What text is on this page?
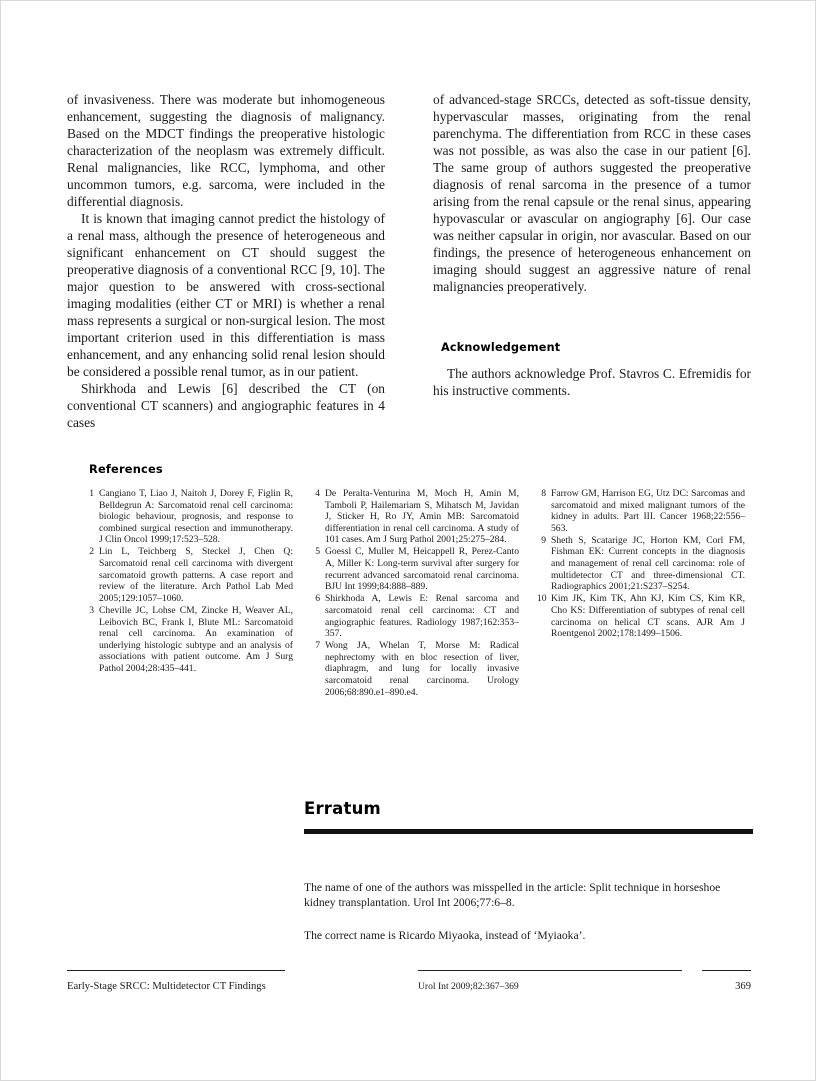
of invasiveness. There was moderate but inhomogeneous enhancement, suggesting the diagnosis of malignancy. Based on the MDCT findings the preoperative histologic characterization of the neoplasm was extremely difficult. Renal malignancies, like RCC, lymphoma, and other uncommon tumors, e.g. sarcoma, were included in the differential diagnosis.

It is known that imaging cannot predict the histology of a renal mass, although the presence of heterogeneous and significant enhancement on CT should suggest the preoperative diagnosis of a conventional RCC [9, 10]. The major question to be answered with cross-sectional imaging modalities (either CT or MRI) is whether a renal mass represents a surgical or non-surgical lesion. The most important criterion used in this differentiation is mass enhancement, and any enhancing solid renal lesion should be considered a possible renal tumor, as in our patient.

Shirkhoda and Lewis [6] described the CT (on conventional CT scanners) and angiographic features in 4 cases

of advanced-stage SRCCs, detected as soft-tissue density, hypervascular masses, originating from the renal parenchyma. The differentiation from RCC in these cases was not possible, as was also the case in our patient [6]. The same group of authors suggested the preoperative diagnosis of renal sarcoma in the presence of a tumor arising from the renal capsule or the renal sinus, appearing hypovascular or avascular on angiography [6]. Our case was neither capsular in origin, nor avascular. Based on our findings, the presence of heterogeneous enhancement on imaging should suggest an aggressive nature of renal malignancies preoperatively.

Acknowledgement

The authors acknowledge Prof. Stavros C. Efremidis for his instructive comments.

References
1 Cangiano T, Liao J, Naitoh J, Dorey F, Figlin R, Belldegrun A: Sarcomatoid renal cell carcinoma: biologic behaviour, prognosis, and response to combined surgical resection and immunotherapy. J Clin Oncol 1999;17:523–528.
2 Lin L, Teichberg S, Steckel J, Chen Q: Sarcomatoid renal cell carcinoma with divergent sarcomatoid growth patterns. A case report and review of the literature. Arch Pathol Lab Med 2005;129:1057–1060.
3 Cheville JC, Lohse CM, Zincke H, Weaver AL, Leibovich BC, Frank I, Blute ML: Sarcomatoid renal cell carcinoma. An examination of underlying histologic subtype and an analysis of associations with patient outcome. Am J Surg Pathol 2004;28:435–441.
4 De Peralta-Venturina M, Moch H, Amin M, Tamboli P, Hailemariam S, Mihatsch M, Javidan J, Sticker H, Ro JY, Amin MB: Sarcomatoid differentiation in renal cell carcinoma. A study of 101 cases. Am J Surg Pathol 2001;25:275–284.
5 Goessl C, Muller M, Heicappell R, Perez-Canto A, Miller K: Long-term survival after surgery for recurrent advanced sarcomatoid renal carcinoma. BJU Int 1999;84:888–889.
6 Shirkhoda A, Lewis E: Renal sarcoma and sarcomatoid renal cell carcinoma: CT and angiographic features. Radiology 1987;162:353–357.
7 Wong JA, Whelan T, Morse M: Radical nephrectomy with en bloc resection of liver, diaphragm, and lung for locally invasive sarcomatoid renal carcinoma. Urology 2006;68:890.e1–890.e4.
8 Farrow GM, Harrison EG, Utz DC: Sarcomas and sarcomatoid and mixed malignant tumors of the kidney in adults. Part III. Cancer 1968;22:556–563.
9 Sheth S, Scatarige JC, Horton KM, Corl FM, Fishman EK: Current concepts in the diagnosis and management of renal cell carcinoma: role of multidetector CT and three-dimensional CT. Radiographics 2001;21:S237–S254.
10 Kim JK, Kim TK, Ahn KJ, Kim CS, Kim KR, Cho KS: Differentiation of subtypes of renal cell carcinoma on helical CT scans. AJR Am J Roentgenol 2002;178:1499–1506.
Erratum

The name of one of the authors was misspelled in the article: Split technique in horseshoe kidney transplantation. Urol Int 2006;77:6–8.

The correct name is Ricardo Miyaoka, instead of ‘Myiaoka’.

Early-Stage SRCC: Multidetector CT Findings	Urol Int 2009;82:367–369	369
